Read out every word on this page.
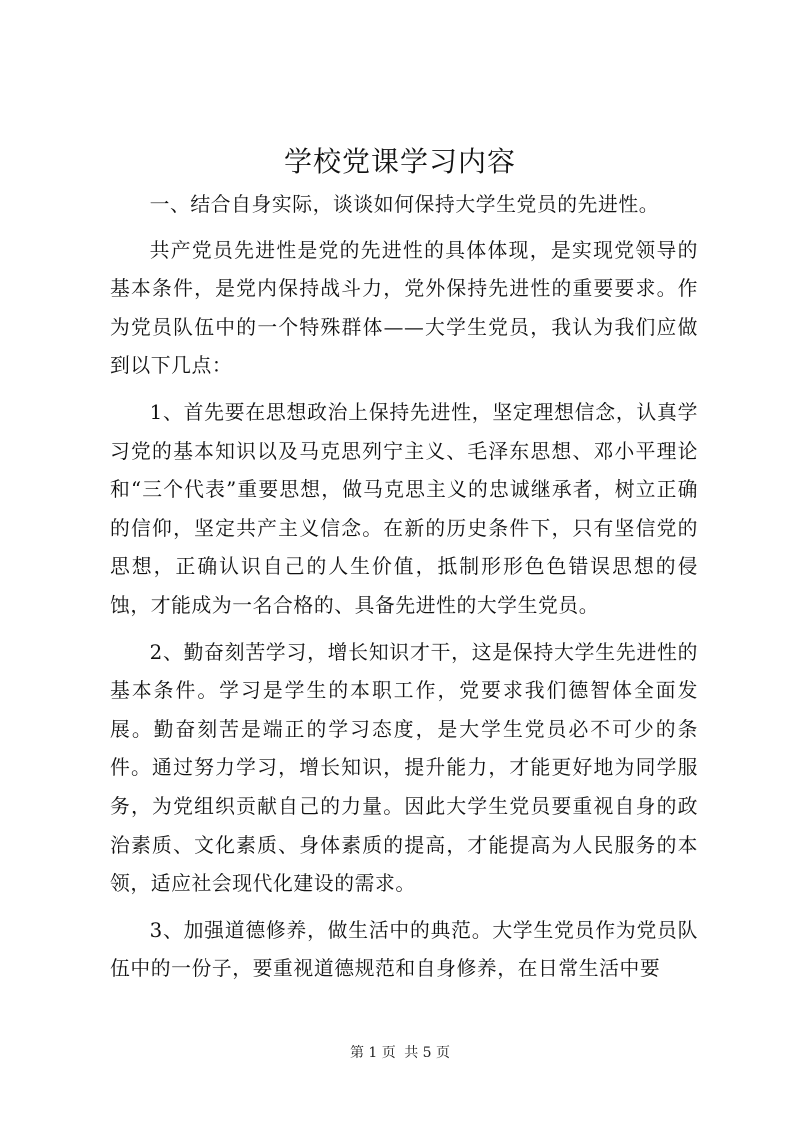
学校党课学习内容

一、结合自身实际，谈谈如何保持大学生党员的先进性。

共产党员先进性是党的先进性的具体体现，是实现党领导的基本条件，是党内保持战斗力，党外保持先进性的重要要求。作为党员队伍中的一个特殊群体——大学生党员，我认为我们应做到以下几点：

1、首先要在思想政治上保持先进性，坚定理想信念，认真学习党的基本知识以及马克思列宁主义、毛泽东思想、邓小平理论和“三个代表”重要思想，做马克思主义的忠诚继承者，树立正确的信仰，坚定共产主义信念。在新的历史条件下，只有坚信党的思想，正确认识自己的人生价值，抵制形形色色错误思想的侵蚀，才能成为一名合格的、具备先进性的大学生党员。

2、勤奋刻苦学习，增长知识才干，这是保持大学生先进性的基本条件。学习是学生的本职工作，党要求我们德智体全面发展。勤奋刻苦是端正的学习态度，是大学生党员必不可少的条件。通过努力学习，增长知识，提升能力，才能更好地为同学服务，为党组织贡献自己的力量。因此大学生党员要重视自身的政治素质、文化素质、身体素质的提高，才能提高为人民服务的本领，适应社会现代化建设的需求。

3、加强道德修养，做生活中的典范。大学生党员作为党员队伍中的一份子，要重视道德规范和自身修养，在日常生活中要

第 1 页 共 5 页
